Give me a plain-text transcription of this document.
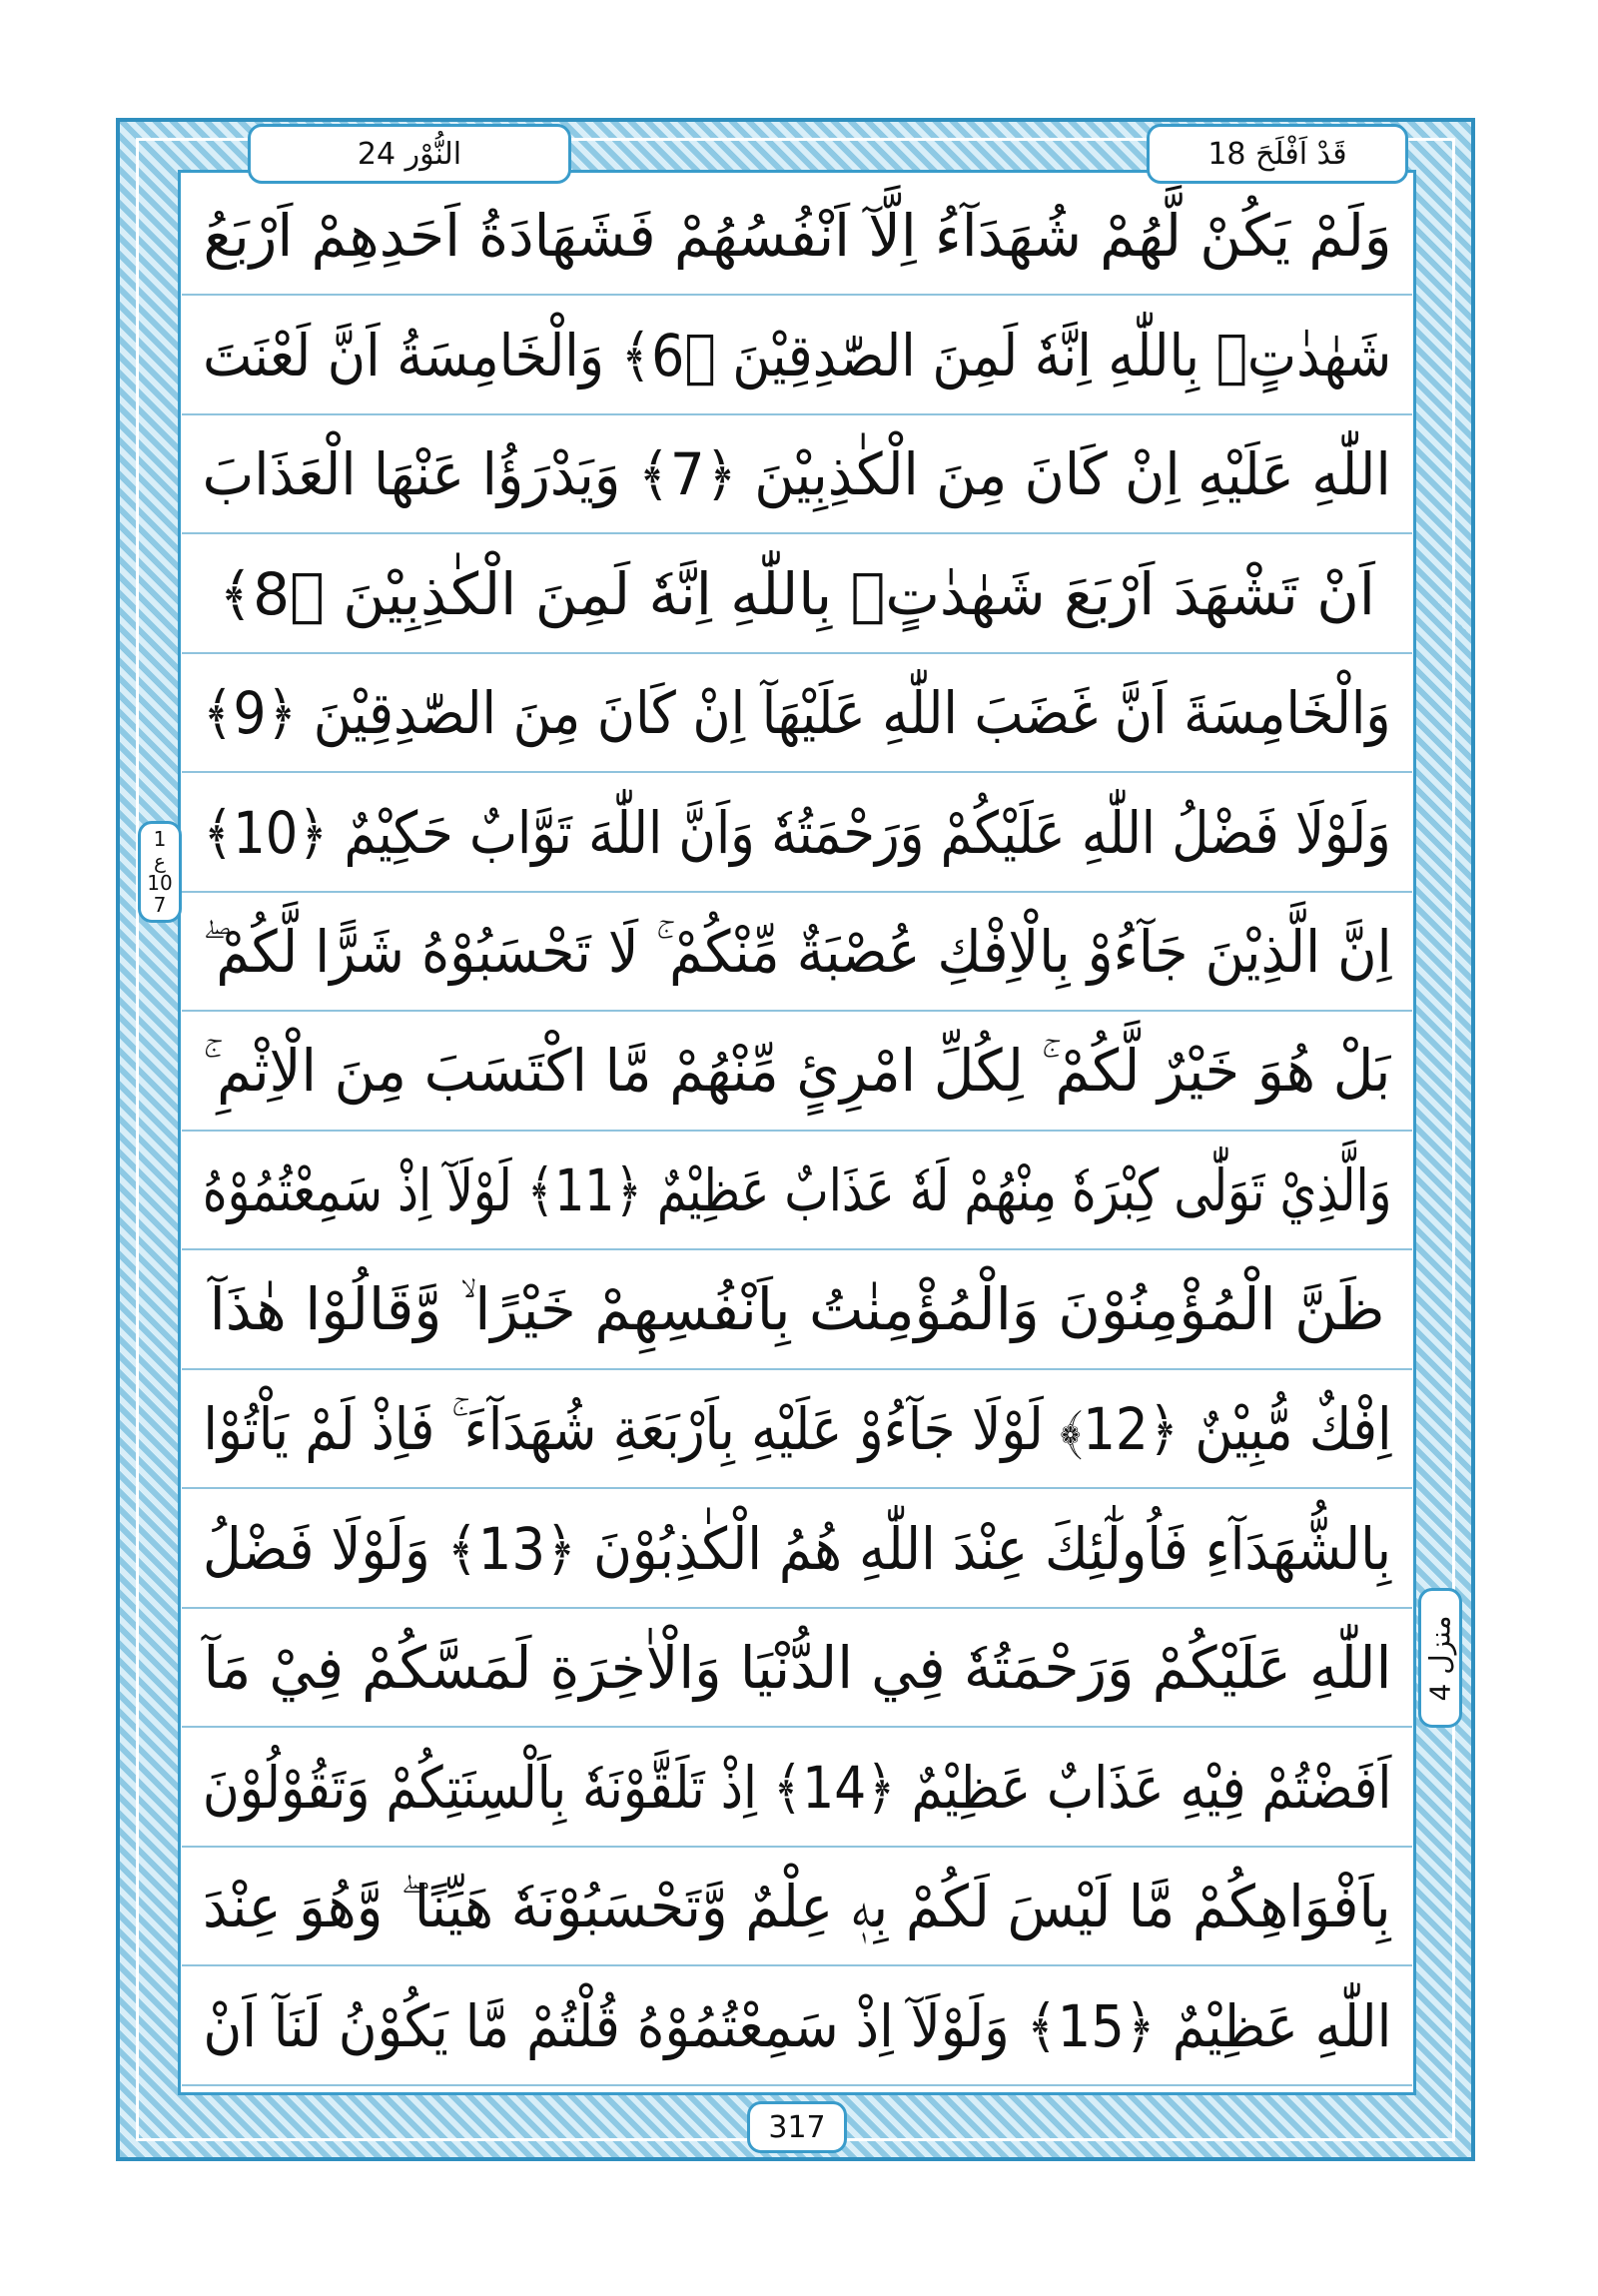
النُّوْر 24	قَدْ اَفْلَحَ 18
وَلَمْ يَكُنْ لَّهُمْ شُهَدَآءُ اِلَّآ اَنْفُسُهُمْ فَشَهَادَةُ اَحَدِهِمْ اَرْبَعُ
شَهٰدٰتٍۭ بِاللّٰهِ اِنَّهٗ لَمِنَ الصّٰدِقِيْنَ ﴿6﴾ وَالْخَامِسَةُ اَنَّ لَعْنَتَ
اللّٰهِ عَلَيْهِ اِنْ كَانَ مِنَ الْكٰذِبِيْنَ ﴿7﴾ وَيَدْرَؤُا عَنْهَا الْعَذَابَ
اَنْ تَشْهَدَ اَرْبَعَ شَهٰدٰتٍۭ بِاللّٰهِ اِنَّهٗ لَمِنَ الْكٰذِبِيْنَ ﴿8﴾
وَالْخَامِسَةَ اَنَّ غَضَبَ اللّٰهِ عَلَيْهَآ اِنْ كَانَ مِنَ الصّٰدِقِيْنَ ﴿9﴾
وَلَوْلَا فَضْلُ اللّٰهِ عَلَيْكُمْ وَرَحْمَتُهٗ وَاَنَّ اللّٰهَ تَوَّابٌ حَكِيْمٌ ﴿10﴾
اِنَّ الَّذِيْنَ جَآءُوْ بِالْاِفْكِ عُصْبَةٌ مِّنْكُمْ ۚ لَا تَحْسَبُوْهُ شَرًّا لَّكُمْ ۖ
بَلْ هُوَ خَيْرٌ لَّكُمْ ۚ لِكُلِّ امْرِئٍ مِّنْهُمْ مَّا اكْتَسَبَ مِنَ الْاِثْمِ ۚ
وَالَّذِيْ تَوَلّٰى كِبْرَهٗ مِنْهُمْ لَهٗ عَذَابٌ عَظِيْمٌ ﴿11﴾ لَوْلَآ اِذْ سَمِعْتُمُوْهُ
ظَنَّ الْمُؤْمِنُوْنَ وَالْمُؤْمِنٰتُ بِاَنْفُسِهِمْ خَيْرًا ۙ وَّقَالُوْا هٰذَآ
اِفْكٌ مُّبِيْنٌ ﴿12﴾ لَوْلَا جَآءُوْ عَلَيْهِ بِاَرْبَعَةِ شُهَدَآءَ ۚ فَاِذْ لَمْ يَاْتُوْا
بِالشُّهَدَآءِ فَاُولٰٓئِكَ عِنْدَ اللّٰهِ هُمُ الْكٰذِبُوْنَ ﴿13﴾ وَلَوْلَا فَضْلُ
اللّٰهِ عَلَيْكُمْ وَرَحْمَتُهٗ فِي الدُّنْيَا وَالْاٰخِرَةِ لَمَسَّكُمْ فِيْ مَآ
اَفَضْتُمْ فِيْهِ عَذَابٌ عَظِيْمٌ ﴿14﴾ اِذْ تَلَقَّوْنَهٗ بِاَلْسِنَتِكُمْ وَتَقُوْلُوْنَ
بِاَفْوَاهِكُمْ مَّا لَيْسَ لَكُمْ بِهٖ عِلْمٌ وَّتَحْسَبُوْنَهٗ هَيِّنًا ۖ وَّهُوَ عِنْدَ
اللّٰهِ عَظِيْمٌ ﴿15﴾ وَلَوْلَآ اِذْ سَمِعْتُمُوْهُ قُلْتُمْ مَّا يَكُوْنُ لَنَآ اَنْ
1
ع
10
7
منزل 4
317
